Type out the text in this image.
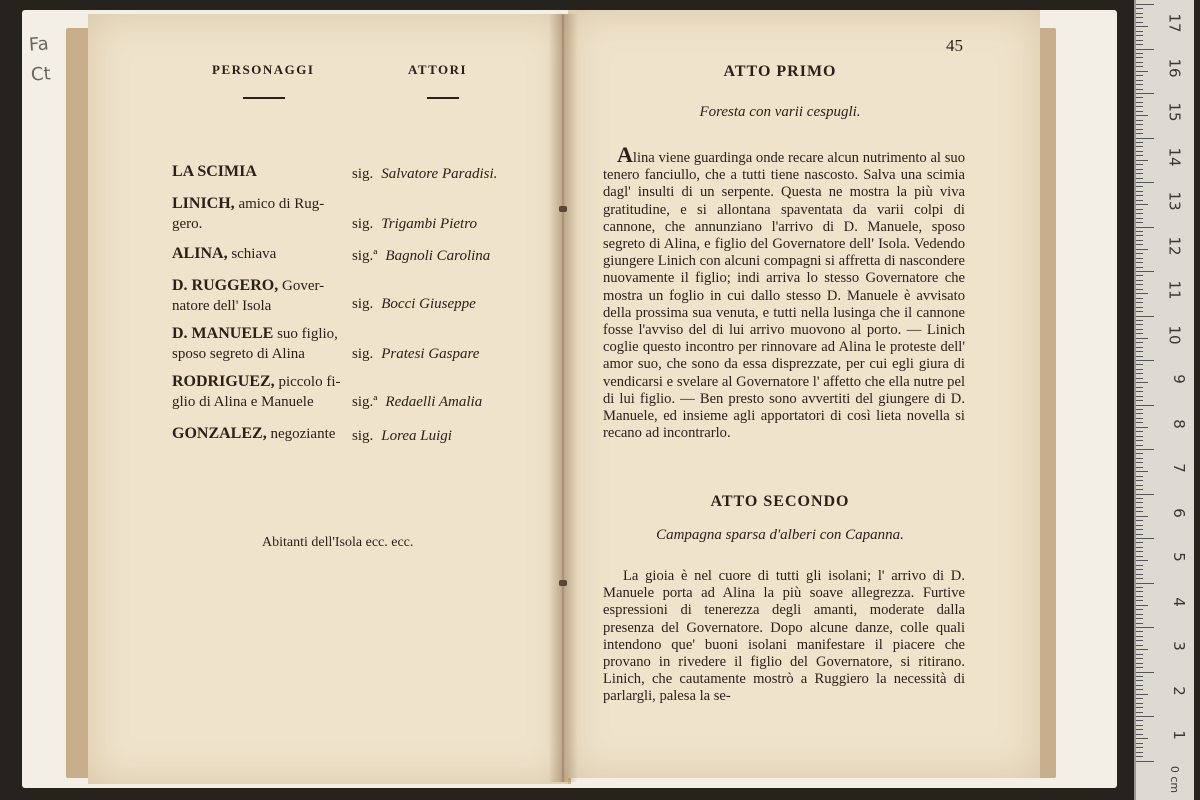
Fa
Ct	PERSONAGGI	ATTORI
LA SCIMIA	sig. Salvatore Paradisi.
LINICH, amico di Rug- gero.	sig. Trigambi Pietro
ALINA, schiava	sig.ª Bagnoli Carolina
D. RUGGERO, Gover- natore dell' Isola	sig. Bocci Giuseppe
D. MANUELE suo figlio, sposo segreto di Alina	sig. Pratesi Gaspare
RODRIGUEZ, piccolo fi- glio di Alina e Manuele	sig.ª Redaelli Amalia
GONZALEZ, negoziante	sig. Lorea Luigi
Abitanti dell'Isola ecc. ecc.
45
ATTO PRIMO
Foresta con varii cespugli.
Alina viene guardinga onde recare alcun nutrimento al suo tenero fanciullo, che a tutti tiene nascosto. Salva una scimia dagl' insulti di un serpente. Questa ne mostra la più viva gratitudine, e si allontana spaventata da varii colpi di cannone, che annunziano l'arrivo di D. Manuele, sposo segreto di Alina, e figlio del Governatore dell' Isola. Vedendo giungere Linich con alcuni compagni si affretta di nascondere nuovamente il figlio; indi arriva lo stesso Governatore che mostra un foglio in cui dallo stesso D. Manuele è avvisato della prossima sua venuta, e tutti nella lusinga che il cannone fosse l'avviso del di lui arrivo muovono al porto. — Linich coglie questo incontro per rinnovare ad Alina le proteste dell' amor suo, che sono da essa disprezzate, per cui egli giura di vendicarsi e svelare al Governatore l' affetto che ella nutre pel di lui figlio. — Ben presto sono avvertiti del giungere di D. Manuele, ed insieme agli apportatori di così lieta novella si recano ad incontrarlo.
ATTO SECONDO
Campagna sparsa d'alberi con Capanna.
La gioia è nel cuore di tutti gli isolani; l' arrivo di D. Manuele porta ad Alina la più soave allegrezza. Furtive espressioni di tenerezza degli amanti, moderate dalla presenza del Governatore. Dopo alcune danze, colle quali intendono que' buoni isolani manifestare il piacere che provano in rivedere il figlio del Governatore, si ritirano. Linich, che cautamente mostrò a Ruggiero la necessità di parlargli, palesa la se-
17
16
15
14
13
12
11
10
9
8
7
6
5
4
3
2
1
0 cm
